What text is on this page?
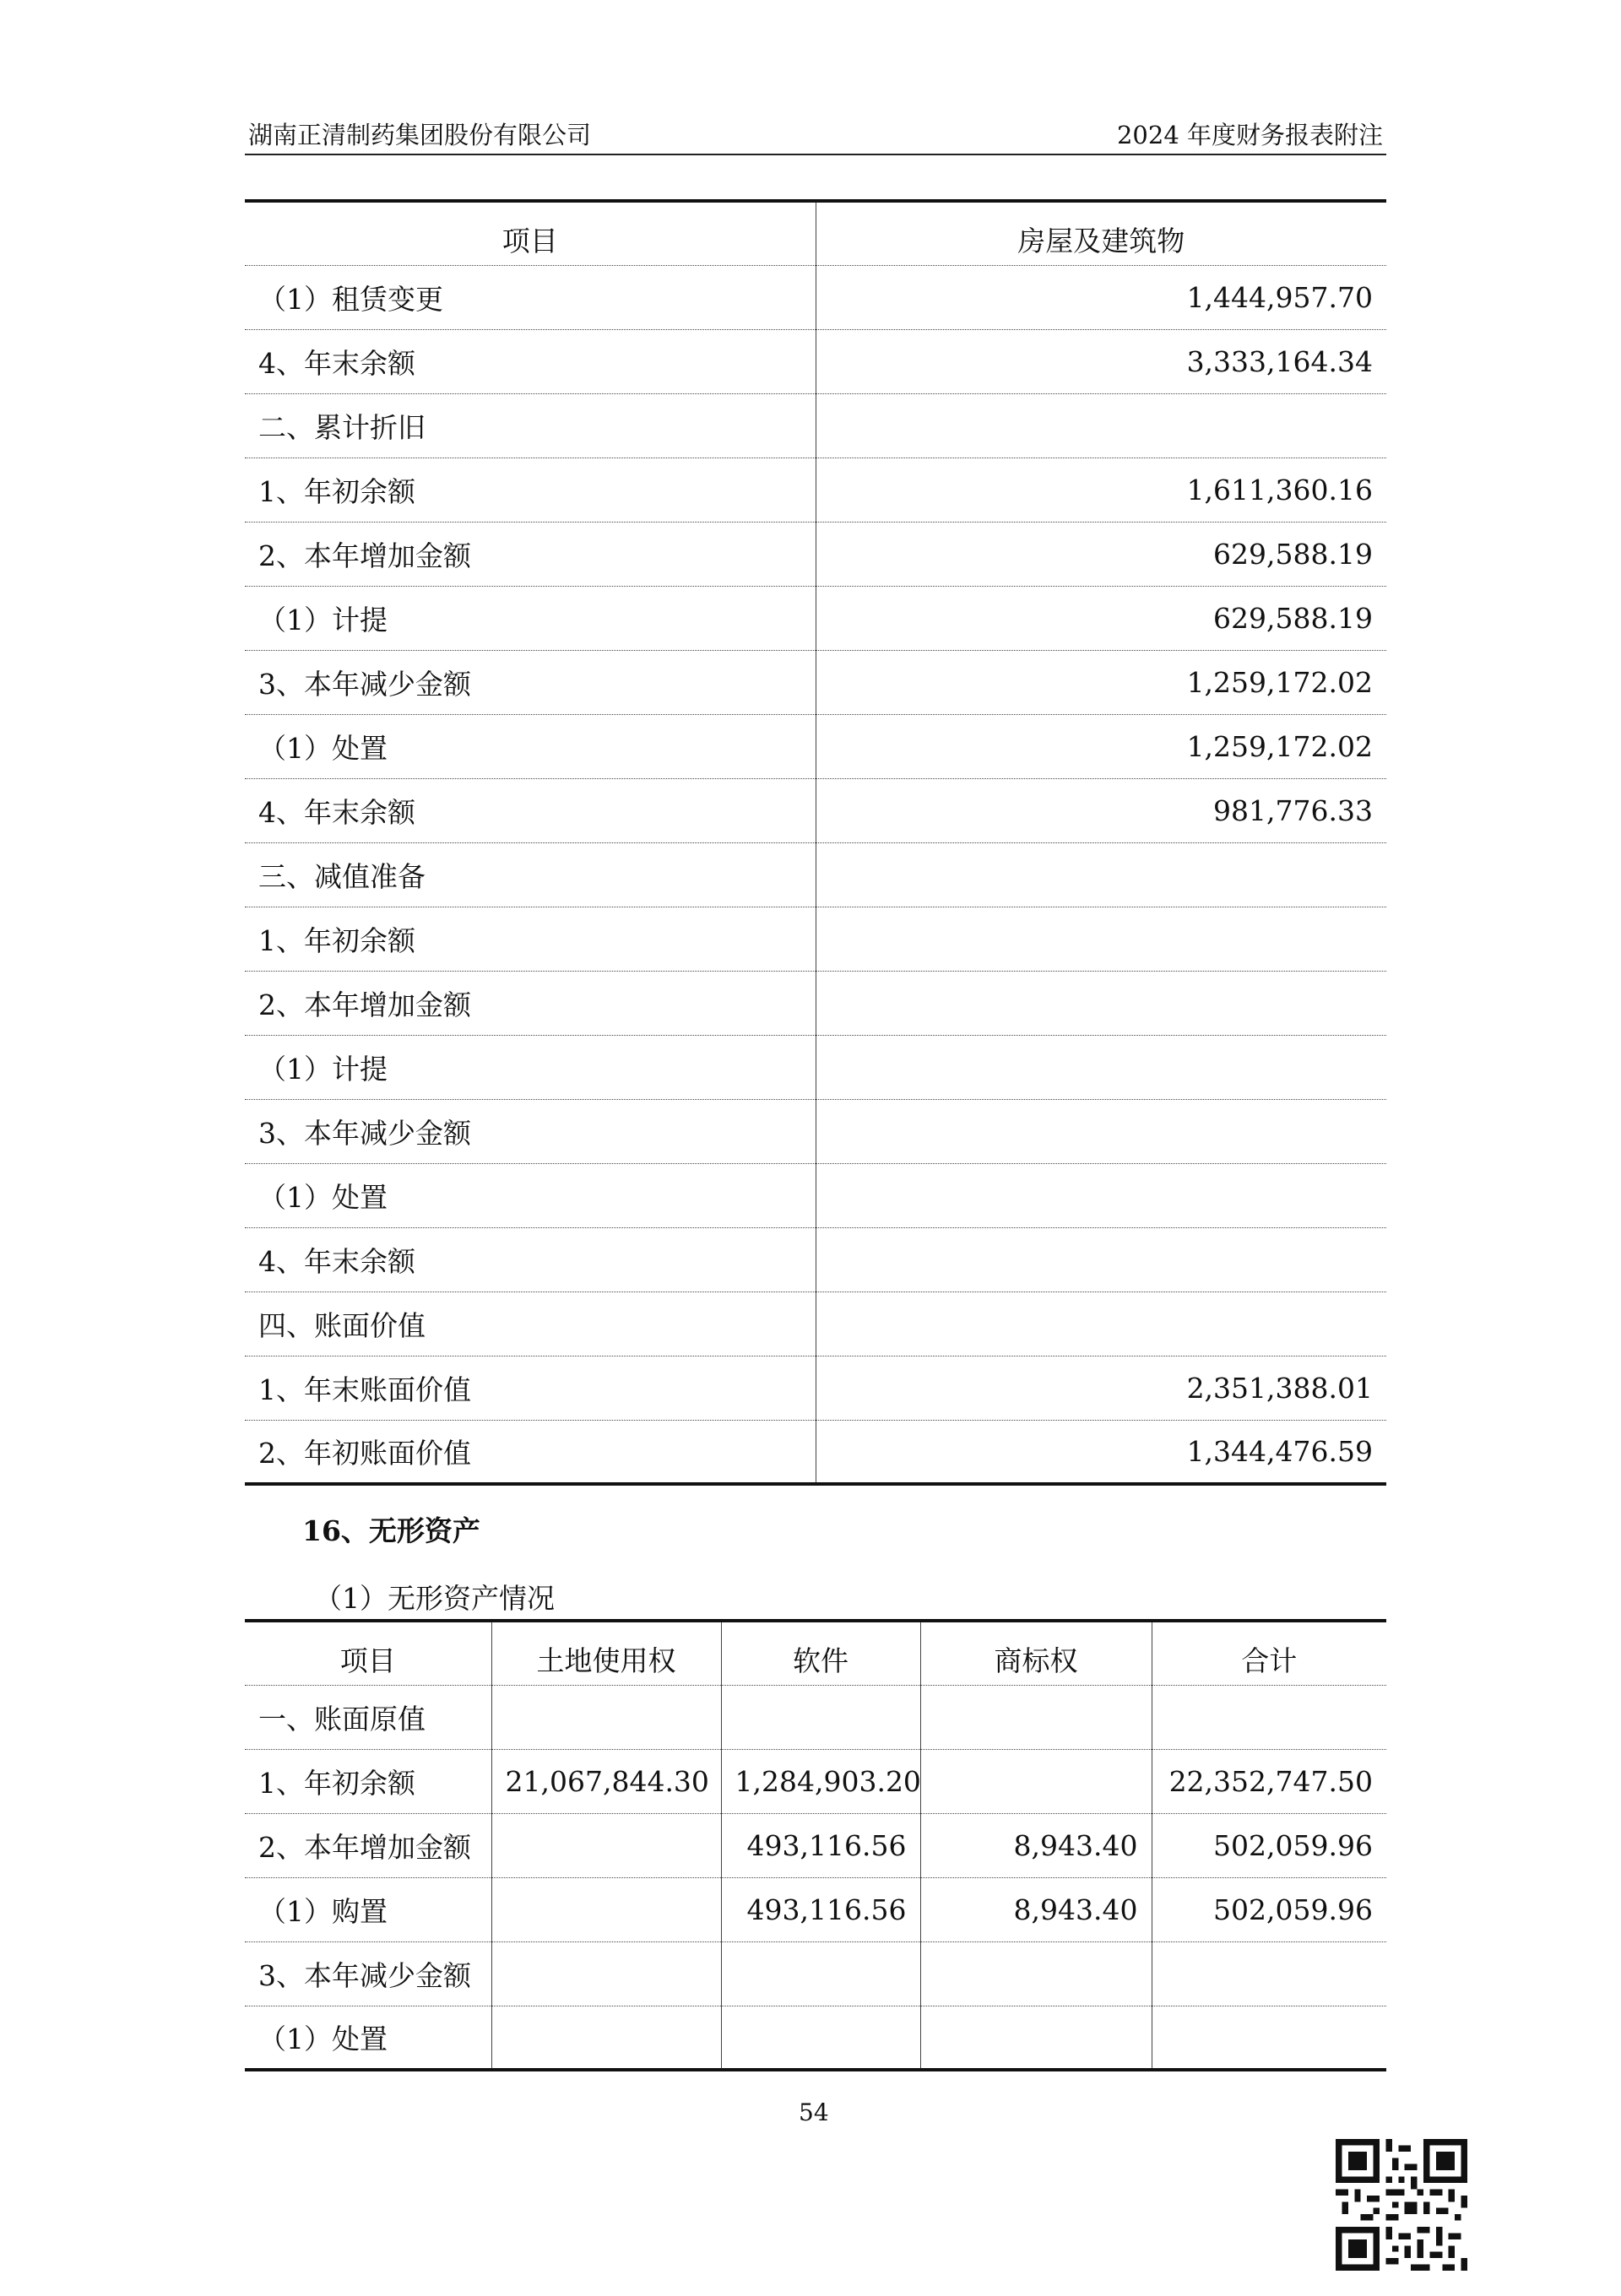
湖南正清制药集团股份有限公司	2024 年度财务报表附注
项目	房屋及建筑物
（1）租赁变更	1,444,957.70
4、年末余额	3,333,164.34
二、累计折旧	
1、年初余额	1,611,360.16
2、本年增加金额	629,588.19
（1）计提	629,588.19
3、本年减少金额	1,259,172.02
（1）处置	1,259,172.02
4、年末余额	981,776.33
三、减值准备	
1、年初余额	
2、本年增加金额	
（1）计提	
3、本年减少金额	
（1）处置	
4、年末余额	
四、账面价值	
1、年末账面价值	2,351,388.01
2、年初账面价值	1,344,476.59
16、无形资产
（1）无形资产情况
项目	土地使用权	软件	商标权	合计
一、账面原值				
1、年初余额	21,067,844.30	1,284,903.20		22,352,747.50
2、本年增加金额		493,116.56	8,943.40	502,059.96
（1）购置		493,116.56	8,943.40	502,059.96
3、本年减少金额				
（1）处置				
54
